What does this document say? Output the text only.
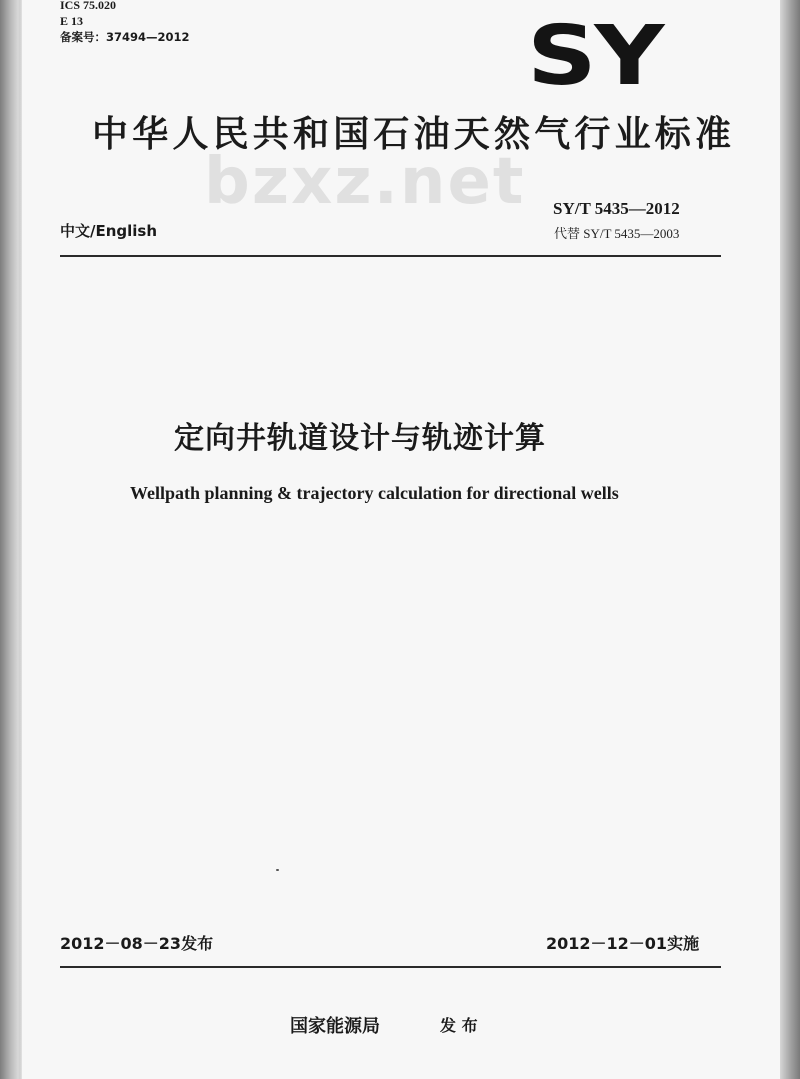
ICS 75.020
E 13
备案号：37494—2012	SY
中华人民共和国石油天然气行业标准
bzxz.net SY/T 5435—2012
代替 SY/T 5435—2003
中文/English
定向井轨道设计与轨迹计算
Wellpath planning & trajectory calculation for directional wells
2012－08－23发布	2012－12－01实施
国家能源局	发 布
